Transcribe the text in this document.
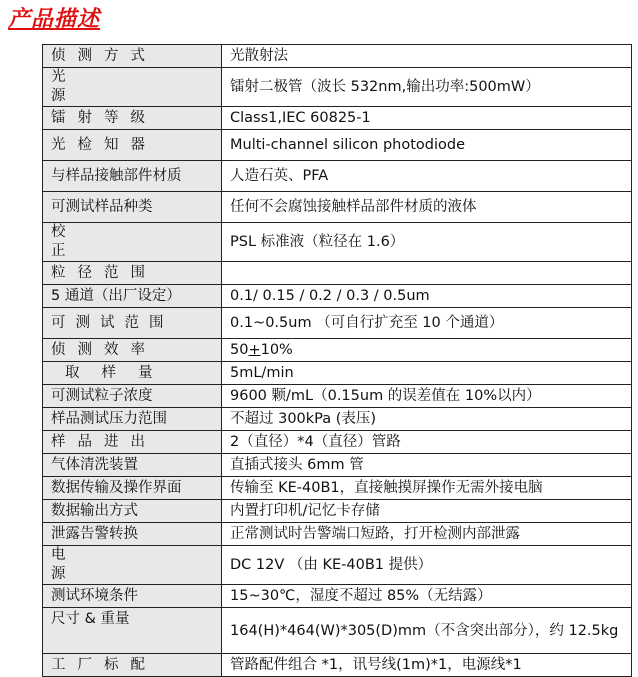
产品描述
侦测方式	光散射法
光源	镭射二极管（波长 532nm,输出功率:500mW）
镭射等级	Class1,IEC 60825-1
光检知器	Multi-channel silicon photodiode
与样品接触部件材质	人造石英、PFA
可测试样品种类	任何不会腐蚀接触样品部件材质的液体
校正	PSL 标准液（粒径在 1.6）
粒径范围	
5 通道（出厂设定）	0.1/ 0.15 / 0.2 / 0.3 / 0.5um
可测试范围	0.1~0.5um （可自行扩充至 10 个通道）
侦测效率	50+10%
取样量	5mL/min
可测试粒子浓度	9600 颗/mL（0.15um 的误差值在 10%以内）
样品测试压力范围	不超过 300kPa (表压)
样品进出	2（直径）*4（直径）管路
气体清洗装置	直插式接头 6mm 管
数据传输及操作界面	传输至 KE-40B1，直接触摸屏操作无需外接电脑
数据输出方式	内置打印机/记忆卡存储
泄露告警转换	正常测试时告警端口短路，打开检测内部泄露
电源	DC 12V （由 KE-40B1 提供）
测试环境条件	15~30℃，湿度不超过 85%（无结露）
尺寸 & 重量	164(H)*464(W)*305(D)mm（不含突出部分），约 12.5kg
工厂标配	管路配件组合 *1，讯号线(1m)*1，电源线*1
